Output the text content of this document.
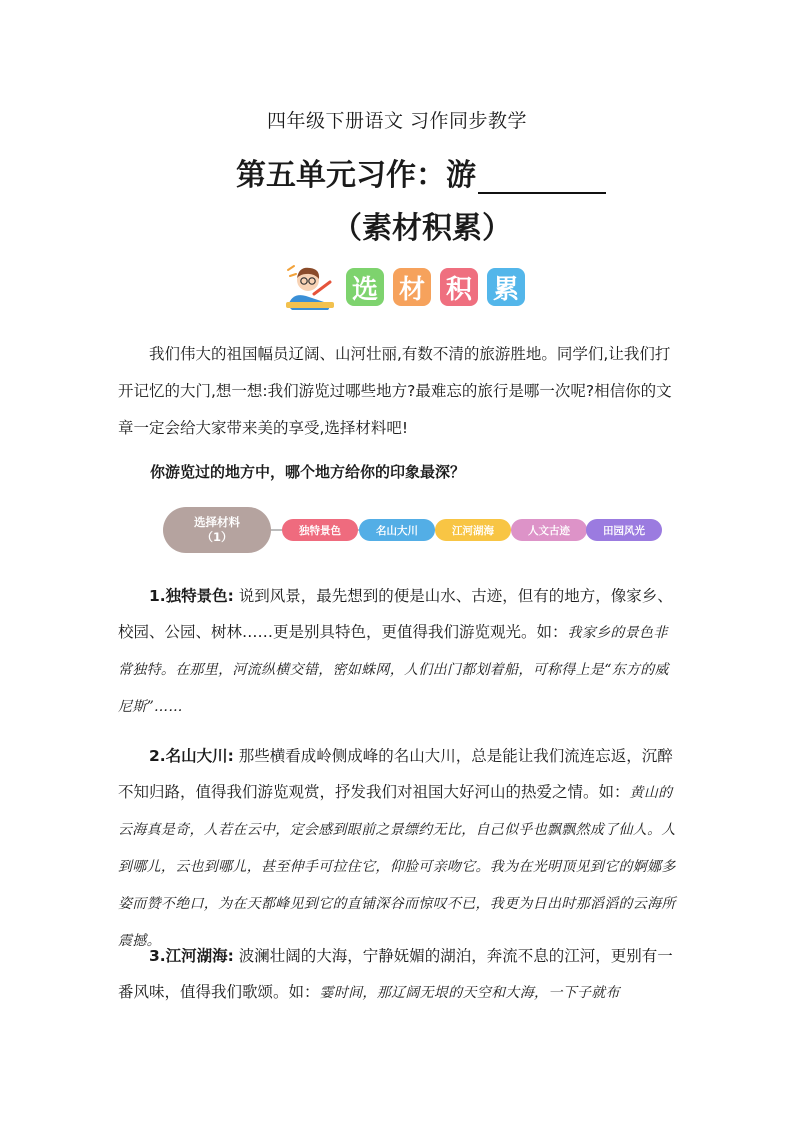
四年级下册语文 习作同步教学
第五单元习作：游
（素材积累）
选 材 积 累
我们伟大的祖国幅员辽阔、山河壮丽,有数不清的旅游胜地。同学们,让我们打开记忆的大门,想一想:我们游览过哪些地方?最难忘的旅行是哪一次呢?相信你的文章一定会给大家带来美的享受,选择材料吧!
你游览过的地方中，哪个地方给你的印象最深？
选择材料
（1）	独特景色	名山大川	江河湖海	人文古迹	田园风光
1.独特景色: 说到风景，最先想到的便是山水、古迹，但有的地方，像家乡、校园、公园、树林……更是别具特色，更值得我们游览观光。如：我家乡的景色非常独特。在那里，河流纵横交错，密如蛛网，人们出门都划着船，可称得上是“东方的威尼斯”……
2.名山大川: 那些横看成岭侧成峰的名山大川，总是能让我们流连忘返，沉醉不知归路，值得我们游览观赏，抒发我们对祖国大好河山的热爱之情。如：黄山的云海真是奇，人若在云中，定会感到眼前之景缥约无比，自己似乎也飘飘然成了仙人。人到哪儿，云也到哪儿，甚至伸手可拉住它，仰脸可亲吻它。我为在光明顶见到它的婀娜多姿而赞不绝口，为在天都峰见到它的直铺深谷而惊叹不已，我更为日出时那滔滔的云海所震撼。
3.江河湖海: 波澜壮阔的大海，宁静妩媚的湖泊，奔流不息的江河，更别有一番风味，值得我们歌颂。如：霎时间，那辽阔无垠的天空和大海，一下子就布
